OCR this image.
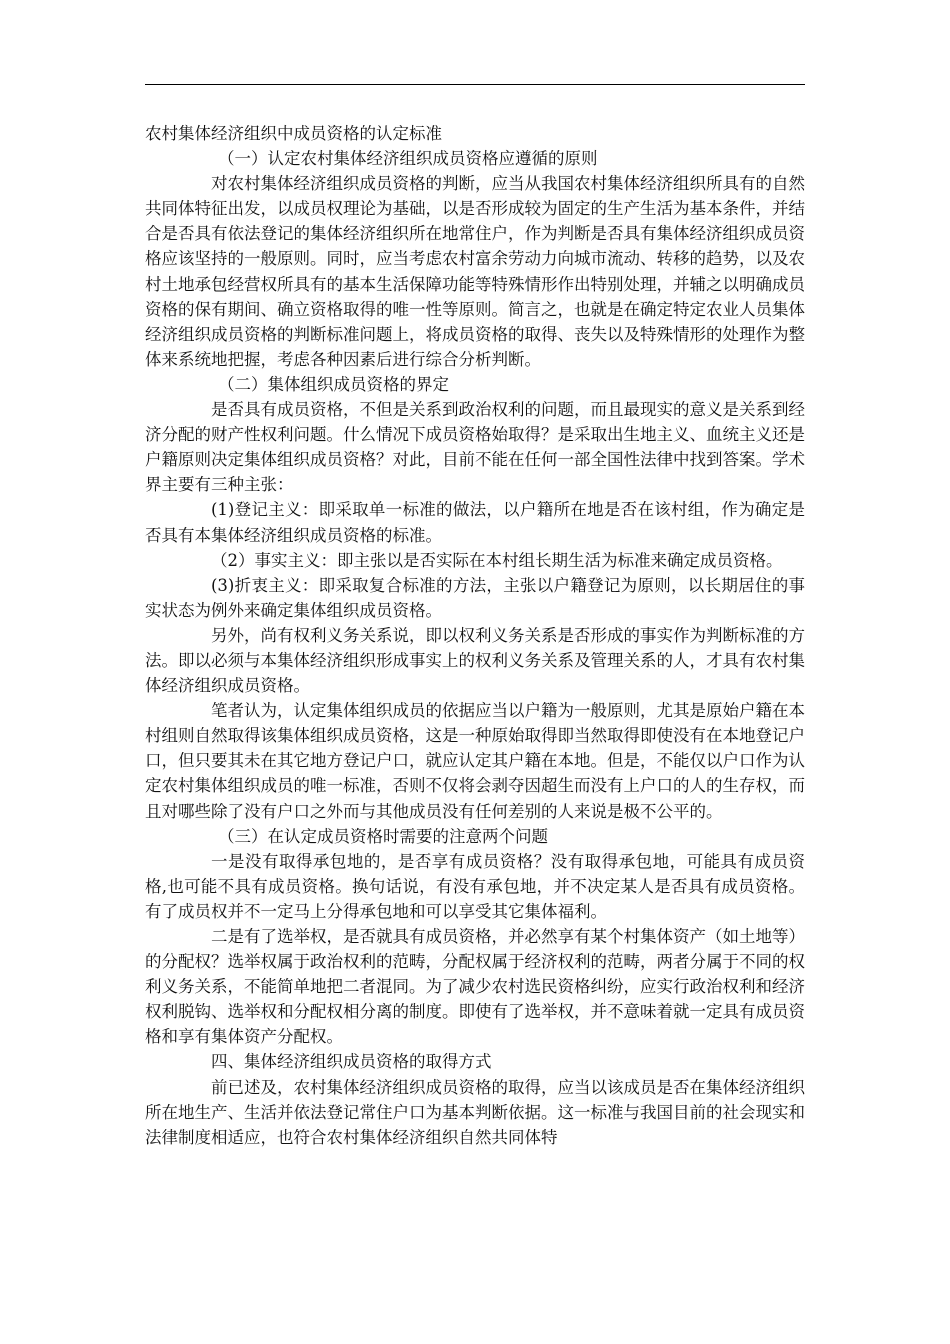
农村集体经济组织中成员资格的认定标准

（一）认定农村集体经济组织成员资格应遵循的原则

对农村集体经济组织成员资格的判断，应当从我国农村集体经济组织所具有的自然共同体特征出发，以成员权理论为基础，以是否形成较为固定的生产生活为基本条件，并结合是否具有依法登记的集体经济组织所在地常住户，作为判断是否具有集体经济组织成员资格应该坚持的一般原则。同时，应当考虑农村富余劳动力向城市流动、转移的趋势，以及农村土地承包经营权所具有的基本生活保障功能等特殊情形作出特别处理，并辅之以明确成员资格的保有期间、确立资格取得的唯一性等原则。简言之，也就是在确定特定农业人员集体经济组织成员资格的判断标准问题上，将成员资格的取得、丧失以及特殊情形的处理作为整体来系统地把握，考虑各种因素后进行综合分析判断。

（二）集体组织成员资格的界定

是否具有成员资格，不但是关系到政治权利的问题，而且最现实的意义是关系到经济分配的财产性权利问题。什么情况下成员资格始取得？是采取出生地主义、血统主义还是户籍原则决定集体组织成员资格？对此，目前不能在任何一部全国性法律中找到答案。学术界主要有三种主张：

(1)登记主义：即采取单一标准的做法，以户籍所在地是否在该村组，作为确定是否具有本集体经济组织成员资格的标准。

（2）事实主义：即主张以是否实际在本村组长期生活为标准来确定成员资格。

(3)折衷主义：即采取复合标准的方法，主张以户籍登记为原则，以长期居住的事实状态为例外来确定集体组织成员资格。

另外，尚有权利义务关系说，即以权利义务关系是否形成的事实作为判断标准的方法。即以必须与本集体经济组织形成事实上的权利义务关系及管理关系的人，才具有农村集体经济组织成员资格。

笔者认为，认定集体组织成员的依据应当以户籍为一般原则，尤其是原始户籍在本村组则自然取得该集体组织成员资格，这是一种原始取得即当然取得即使没有在本地登记户口，但只要其未在其它地方登记户口，就应认定其户籍在本地。但是，不能仅以户口作为认定农村集体组织成员的唯一标准，否则不仅将会剥夺因超生而没有上户口的人的生存权，而且对哪些除了没有户口之外而与其他成员没有任何差别的人来说是极不公平的。

（三）在认定成员资格时需要的注意两个问题

一是没有取得承包地的，是否享有成员资格？没有取得承包地，可能具有成员资格,也可能不具有成员资格。换句话说，有没有承包地，并不决定某人是否具有成员资格。有了成员权并不一定马上分得承包地和可以享受其它集体福利。

二是有了选举权，是否就具有成员资格，并必然享有某个村集体资产（如土地等）的分配权？选举权属于政治权利的范畴，分配权属于经济权利的范畴，两者分属于不同的权利义务关系，不能简单地把二者混同。为了减少农村选民资格纠纷，应实行政治权利和经济权利脱钩、选举权和分配权相分离的制度。即使有了选举权，并不意味着就一定具有成员资格和享有集体资产分配权。

四、集体经济组织成员资格的取得方式

前已述及，农村集体经济组织成员资格的取得，应当以该成员是否在集体经济组织所在地生产、生活并依法登记常住户口为基本判断依据。这一标准与我国目前的社会现实和法律制度相适应，也符合农村集体经济组织自然共同体特
